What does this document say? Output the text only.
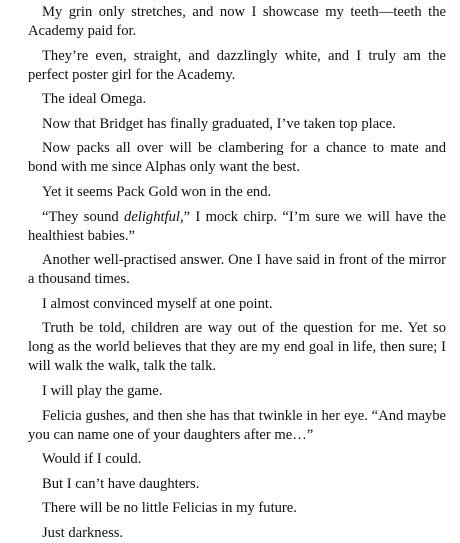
My grin only stretches, and now I showcase my teeth—teeth the Academy paid for.

They’re even, straight, and dazzlingly white, and I truly am the perfect poster girl for the Academy.

The ideal Omega.

Now that Bridget has finally graduated, I’ve taken top place.

Now packs all over will be clambering for a chance to mate and bond with me since Alphas only want the best.

Yet it seems Pack Gold won in the end.

“They sound delightful,” I mock chirp. “I’m sure we will have the healthiest babies.”

Another well-practised answer. One I have said in front of the mirror a thousand times.

I almost convinced myself at one point.

Truth be told, children are way out of the question for me. Yet so long as the world believes that they are my end goal in life, then sure; I will walk the walk, talk the talk.

I will play the game.

Felicia gushes, and then she has that twinkle in her eye. “And maybe you can name one of your daughters after me…”

Would if I could.

But I can’t have daughters.

There will be no little Felicias in my future.

Just darkness.
